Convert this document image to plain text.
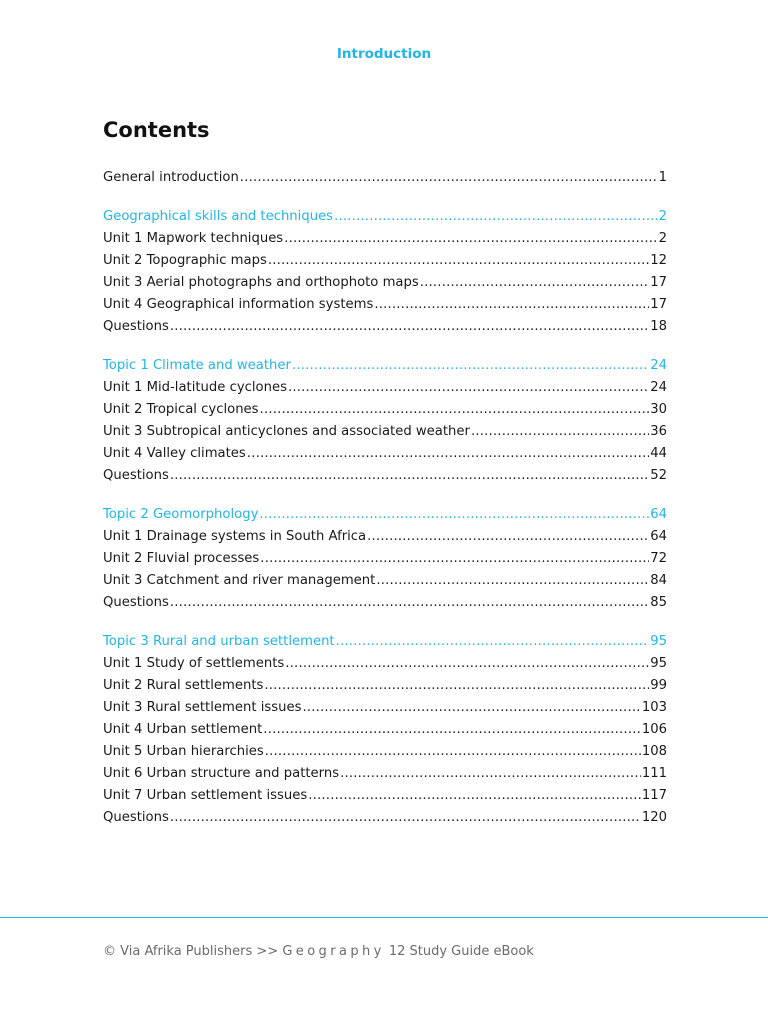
Introduction
Contents
General introduction .....	1
Geographical skills and techniques .....	2
Unit 1 Mapwork techniques .....	2
Unit 2 Topographic maps .....	12
Unit 3 Aerial photographs and orthophoto maps .....	17
Unit 4 Geographical information systems .....	17
Questions .....	18
Topic 1 Climate and weather .....	24
Unit 1 Mid-latitude cyclones .....	24
Unit 2 Tropical cyclones .....	30
Unit 3 Subtropical anticyclones and associated weather .....	36
Unit 4 Valley climates .....	44
Questions .....	52
Topic 2 Geomorphology .....	64
Unit 1 Drainage systems in South Africa .....	64
Unit 2 Fluvial processes .....	72
Unit 3 Catchment and river management .....	84
Questions .....	85
Topic 3 Rural and urban settlement .....	95
Unit 1 Study of settlements .....	95
Unit 2 Rural settlements .....	99
Unit 3 Rural settlement issues .....	103
Unit 4 Urban settlement .....	106
Unit 5 Urban hierarchies .....	108
Unit 6 Urban structure and patterns .....	111
Unit 7 Urban settlement issues .....	117
Questions .....	120
© Via Afrika Publishers >> Geography 12 Study Guide eBook
